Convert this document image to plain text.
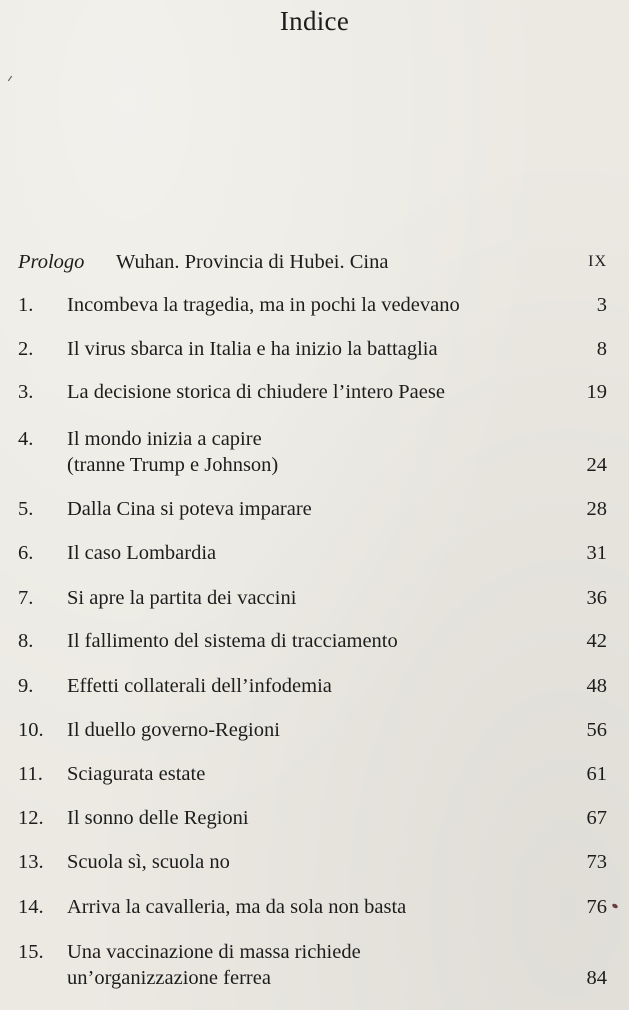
Indice
Prologo Wuhan. Provincia di Hubei. Cina	IX
1. Incombeva la tragedia, ma in pochi la vedevano	3
2. Il virus sbarca in Italia e ha inizio la battaglia	8
3. La decisione storica di chiudere l’intero Paese	19
4. Il mondo inizia a capire
(tranne Trump e Johnson)	24
5. Dalla Cina si poteva imparare	28
6. Il caso Lombardia	31
7. Si apre la partita dei vaccini	36
8. Il fallimento del sistema di tracciamento	42
9. Effetti collaterali dell’infodemia	48
10. Il duello governo-Regioni	56
11. Sciagurata estate	61
12. Il sonno delle Regioni	67
13. Scuola sì, scuola no	73
14. Arriva la cavalleria, ma da sola non basta	76
15. Una vaccinazione di massa richiede
un’organizzazione ferrea	84
